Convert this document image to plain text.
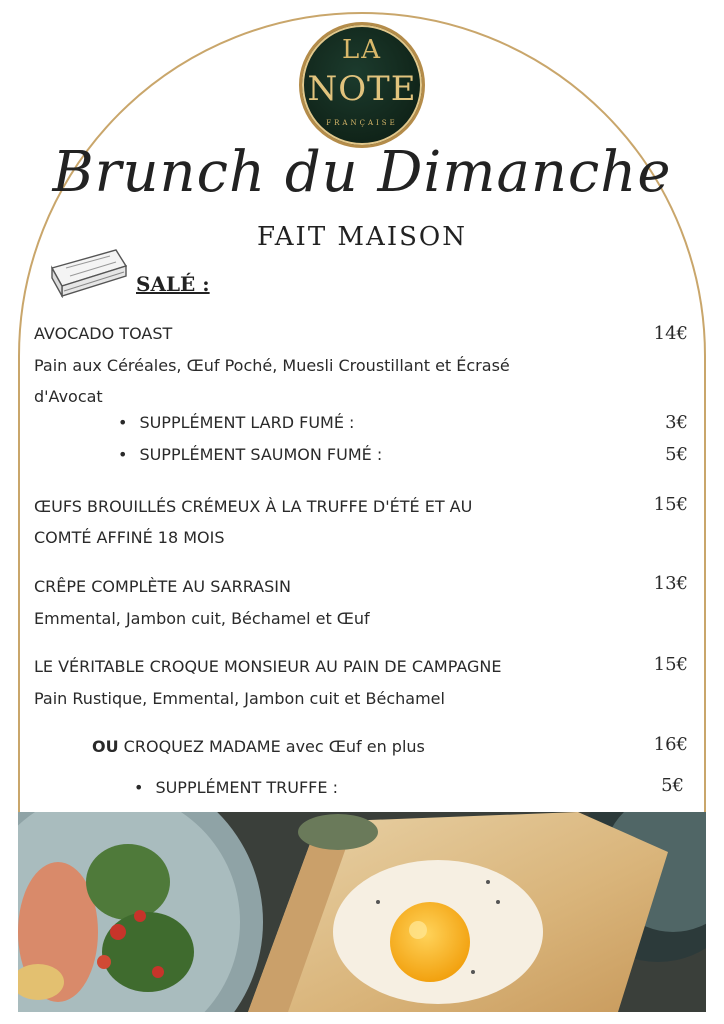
LA
NOTE
FRANÇAISE
Brunch du Dimanche
FAIT MAISON
SALÉ :
AVOCADO TOAST	14€
Pain aux Céréales, Œuf Poché, Muesli Croustillant et Écrasé
d'Avocat
• SUPPLÉMENT LARD FUMÉ :	3€
• SUPPLÉMENT SAUMON FUMÉ :	5€
ŒUFS BROUILLÉS CRÉMEUX À LA TRUFFE D'ÉTÉ ET AU	15€
COMTÉ AFFINÉ 18 MOIS
CRÊPE COMPLÈTE AU SARRASIN	13€
Emmental, Jambon cuit, Béchamel et Œuf
LE VÉRITABLE CROQUE MONSIEUR AU PAIN DE CAMPAGNE	15€
Pain Rustique, Emmental, Jambon cuit et Béchamel
OU CROQUEZ MADAME avec Œuf en plus	16€
• SUPPLÉMENT TRUFFE :	5€
